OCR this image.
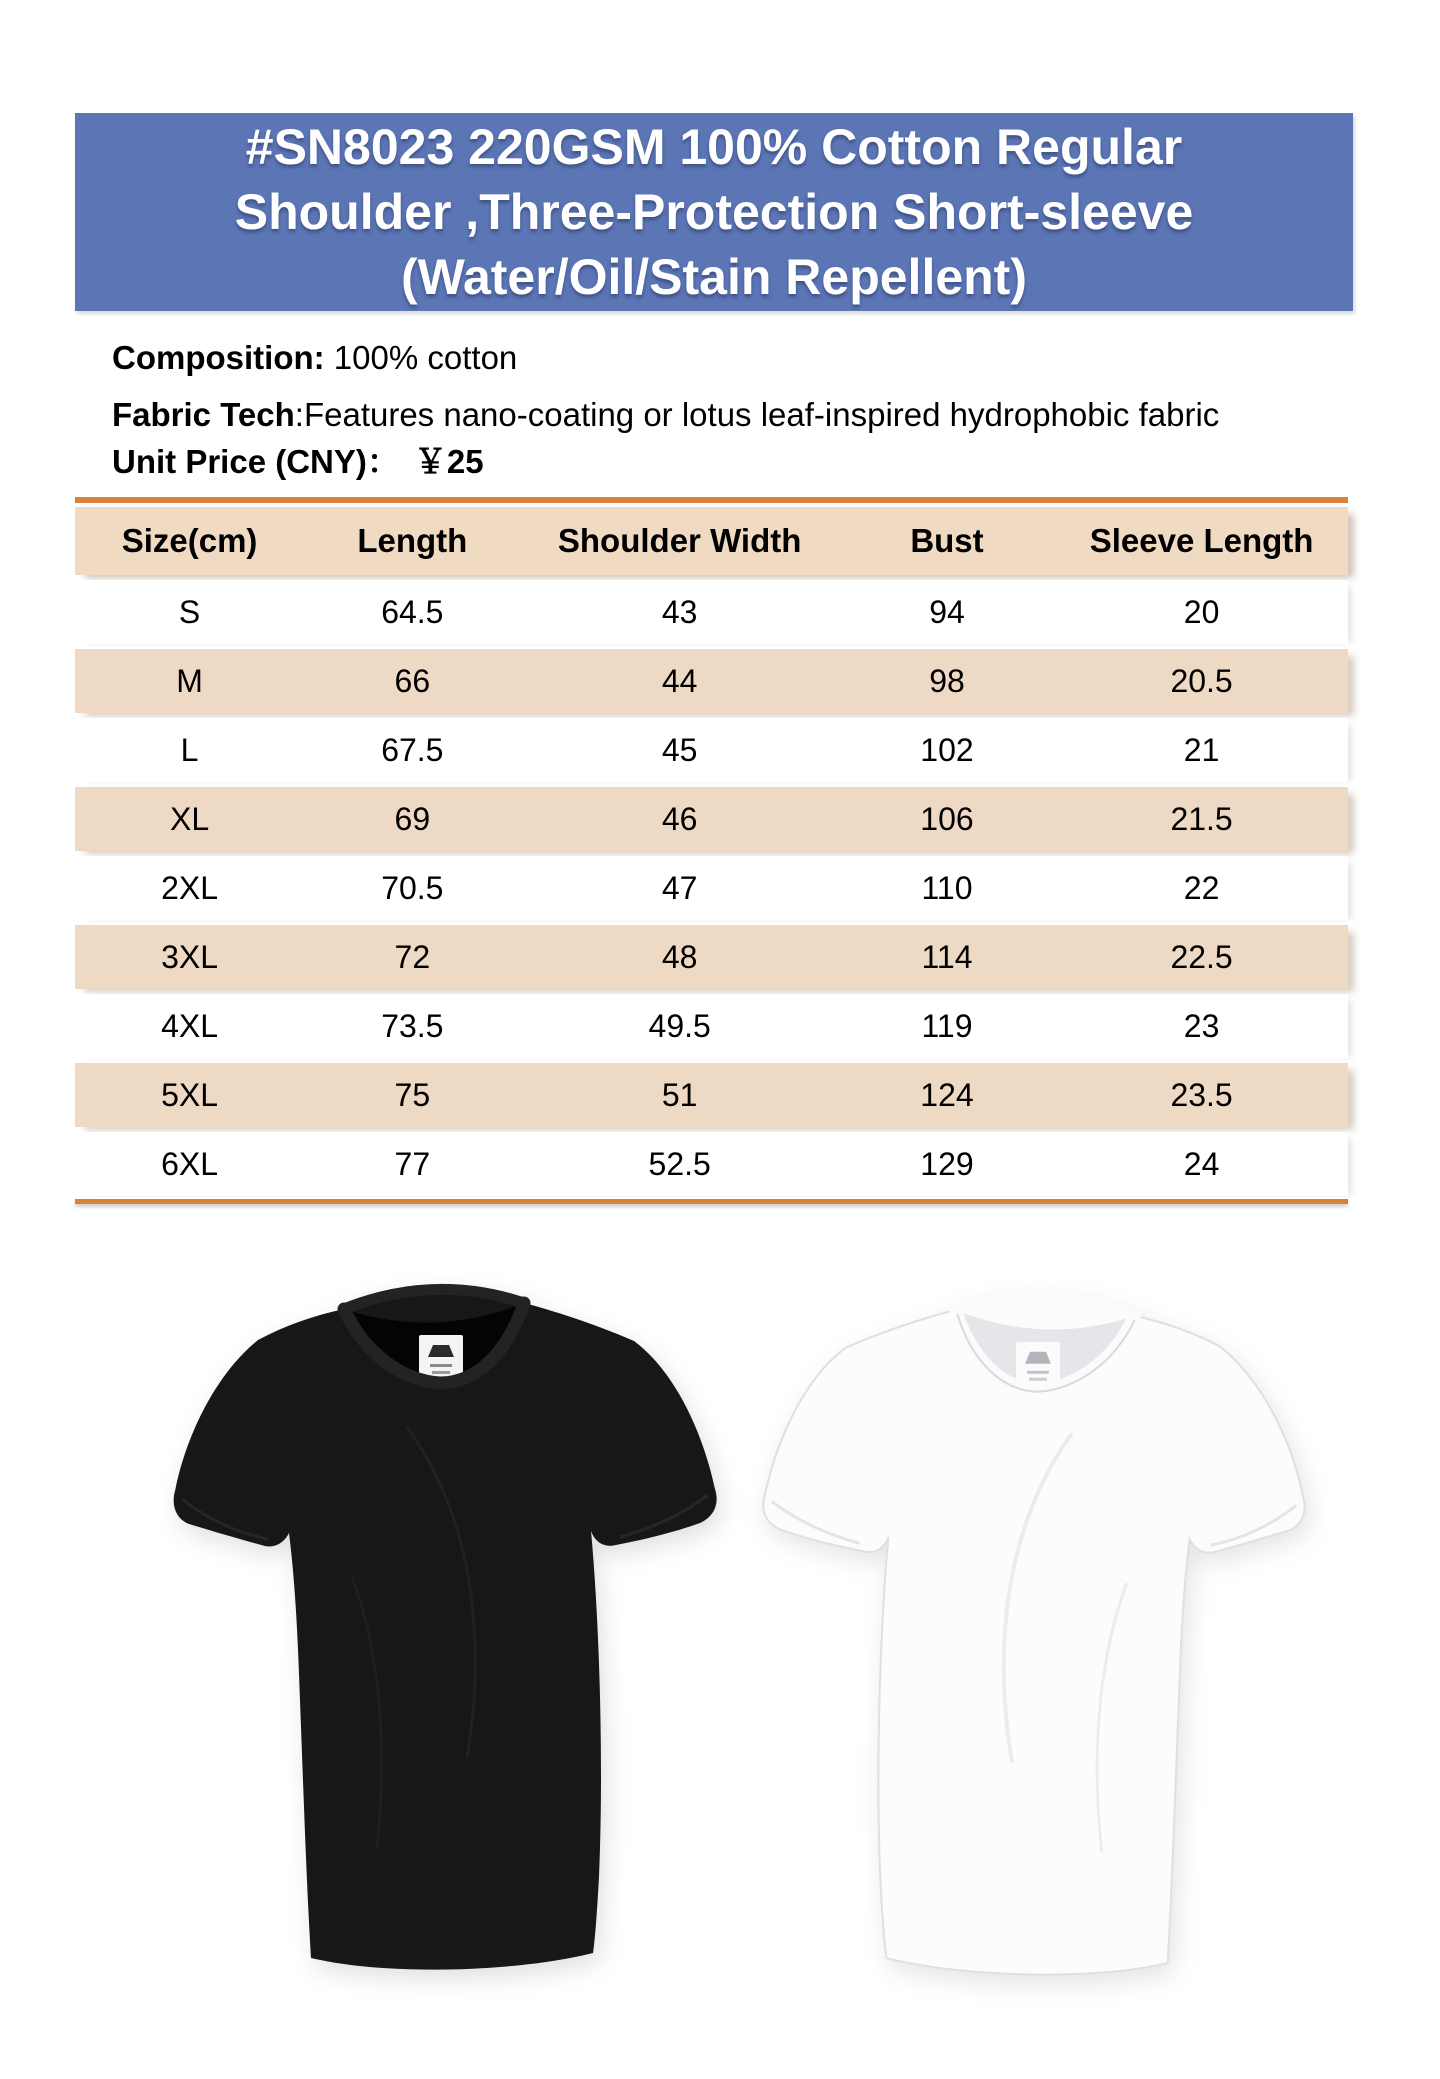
#SN8023 220GSM 100% Cotton Regular
Shoulder ,Three-Protection Short-sleeve
(Water/Oil/Stain Repellent)
Composition: 100% cotton
Fabric Tech:Features nano-coating or lotus leaf-inspired hydrophobic fabric
Unit Price (CNY)： ￥25
Size(cm)	Length	Shoulder Width	Bust	Sleeve Length
S	64.5	43	94	20
M	66	44	98	20.5
L	67.5	45	102	21
XL	69	46	106	21.5
2XL	70.5	47	110	22
3XL	72	48	114	22.5
4XL	73.5	49.5	119	23
5XL	75	51	124	23.5
6XL	77	52.5	129	24
